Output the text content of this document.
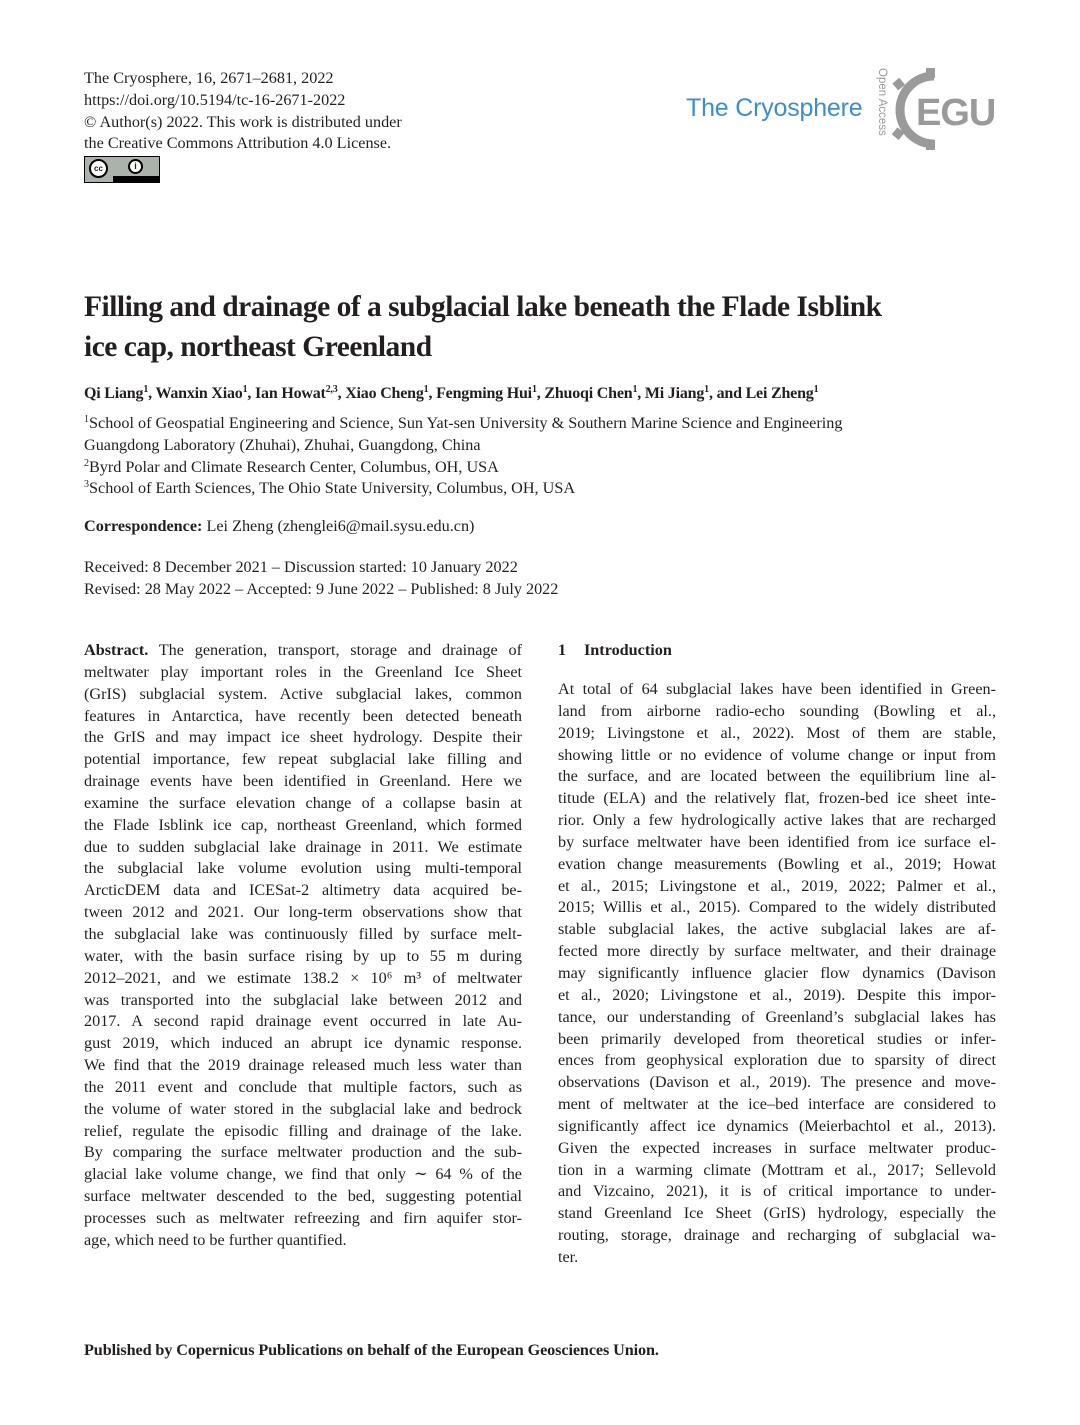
The Cryosphere, 16, 2671–2681, 2022
https://doi.org/10.5194/tc-16-2671-2022
© Author(s) 2022. This work is distributed under
the Creative Commons Attribution 4.0 License.
cc	i
The Cryosphere Open Access EGU
Filling and drainage of a subglacial lake beneath the Flade Isblink
ice cap, northeast Greenland
Qi Liang$^1$, Wanxin Xiao$^1$, Ian Howat$^{2,3}$, Xiao Cheng$^1$, Fengming Hui$^1$, Zhuoqi Chen$^1$, Mi Jiang$^1$, and Lei Zheng$^1$
$^1$School of Geospatial Engineering and Science, Sun Yat-sen University & Southern Marine Science and Engineering
Guangdong Laboratory (Zhuhai), Zhuhai, Guangdong, China
$^2$Byrd Polar and Climate Research Center, Columbus, OH, USA
$^3$School of Earth Sciences, The Ohio State University, Columbus, OH, USA
Correspondence: Lei Zheng (zhenglei6@mail.sysu.edu.cn)
Received: 8 December 2021 – Discussion started: 10 January 2022
Revised: 28 May 2022 – Accepted: 9 June 2022 – Published: 8 July 2022
Abstract. The generation, transport, storage and drainage of
meltwater play important roles in the Greenland Ice Sheet
(GrIS) subglacial system. Active subglacial lakes, common
features in Antarctica, have recently been detected beneath
the GrIS and may impact ice sheet hydrology. Despite their
potential importance, few repeat subglacial lake filling and
drainage events have been identified in Greenland. Here we
examine the surface elevation change of a collapse basin at
the Flade Isblink ice cap, northeast Greenland, which formed
due to sudden subglacial lake drainage in 2011. We estimate
the subglacial lake volume evolution using multi-temporal
ArcticDEM data and ICESat-2 altimetry data acquired be-
tween 2012 and 2021. Our long-term observations show that
the subglacial lake was continuously filled by surface melt-
water, with the basin surface rising by up to 55 m during
2012–2021, and we estimate 138.2 × 10⁶ m³ of meltwater
was transported into the subglacial lake between 2012 and
2017. A second rapid drainage event occurred in late Au-
gust 2019, which induced an abrupt ice dynamic response.
We find that the 2019 drainage released much less water than
the 2011 event and conclude that multiple factors, such as
the volume of water stored in the subglacial lake and bedrock
relief, regulate the episodic filling and drainage of the lake.
By comparing the surface meltwater production and the sub-
glacial lake volume change, we find that only ∼ 64 % of the
surface meltwater descended to the bed, suggesting potential
processes such as meltwater refreezing and firn aquifer stor-
age, which need to be further quantified.
1 Introduction
At total of 64 subglacial lakes have been identified in Green-
land from airborne radio-echo sounding (Bowling et al.,
2019; Livingstone et al., 2022). Most of them are stable,
showing little or no evidence of volume change or input from
the surface, and are located between the equilibrium line al-
titude (ELA) and the relatively flat, frozen-bed ice sheet inte-
rior. Only a few hydrologically active lakes that are recharged
by surface meltwater have been identified from ice surface el-
evation change measurements (Bowling et al., 2019; Howat
et al., 2015; Livingstone et al., 2019, 2022; Palmer et al.,
2015; Willis et al., 2015). Compared to the widely distributed
stable subglacial lakes, the active subglacial lakes are af-
fected more directly by surface meltwater, and their drainage
may significantly influence glacier flow dynamics (Davison
et al., 2020; Livingstone et al., 2019). Despite this impor-
tance, our understanding of Greenland’s subglacial lakes has
been primarily developed from theoretical studies or infer-
ences from geophysical exploration due to sparsity of direct
observations (Davison et al., 2019). The presence and move-
ment of meltwater at the ice–bed interface are considered to
significantly affect ice dynamics (Meierbachtol et al., 2013).
Given the expected increases in surface meltwater produc-
tion in a warming climate (Mottram et al., 2017; Sellevold
and Vizcaino, 2021), it is of critical importance to under-
stand Greenland Ice Sheet (GrIS) hydrology, especially the
routing, storage, drainage and recharging of subglacial wa-
ter.
Published by Copernicus Publications on behalf of the European Geosciences Union.
